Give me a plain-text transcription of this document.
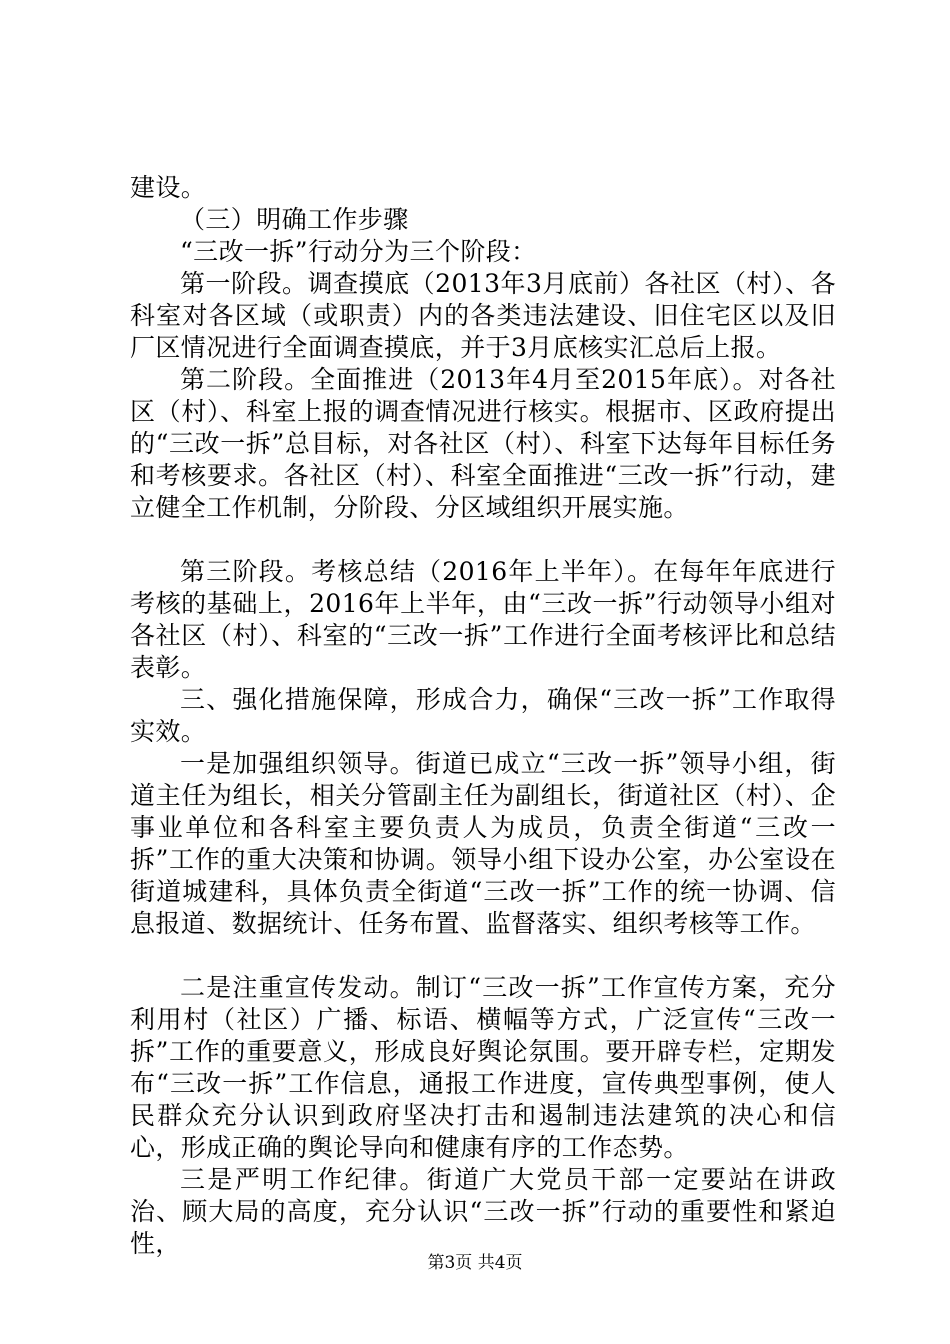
建设。

（三）明确工作步骤

“三改一拆”行动分为三个阶段：

第一阶段。调查摸底（2013年3月底前）各社区（村）、各科室对各区域（或职责）内的各类违法建设、旧住宅区以及旧厂区情况进行全面调查摸底，并于3月底核实汇总后上报。

第二阶段。全面推进（2013年4月至2015年底）。对各社区（村）、科室上报的调查情况进行核实。根据市、区政府提出的“三改一拆”总目标，对各社区（村）、科室下达每年目标任务和考核要求。各社区（村）、科室全面推进“三改一拆”行动，建立健全工作机制，分阶段、分区域组织开展实施。

第三阶段。考核总结（2016年上半年）。在每年年底进行考核的基础上，2016年上半年，由“三改一拆”行动领导小组对各社区（村）、科室的“三改一拆”工作进行全面考核评比和总结表彰。

三、强化措施保障，形成合力，确保“三改一拆”工作取得实效。

一是加强组织领导。街道已成立“三改一拆”领导小组，街道主任为组长，相关分管副主任为副组长，街道社区（村）、企事业单位和各科室主要负责人为成员，负责全街道“三改一拆”工作的重大决策和协调。领导小组下设办公室，办公室设在街道城建科，具体负责全街道“三改一拆”工作的统一协调、信息报道、数据统计、任务布置、监督落实、组织考核等工作。

二是注重宣传发动。制订“三改一拆”工作宣传方案，充分利用村（社区）广播、标语、横幅等方式，广泛宣传“三改一拆”工作的重要意义，形成良好舆论氛围。要开辟专栏，定期发布“三改一拆”工作信息，通报工作进度，宣传典型事例，使人民群众充分认识到政府坚决打击和遏制违法建筑的决心和信心，形成正确的舆论导向和健康有序的工作态势。

三是严明工作纪律。街道广大党员干部一定要站在讲政治、顾大局的高度，充分认识“三改一拆”行动的重要性和紧迫性，

第3页 共4页
